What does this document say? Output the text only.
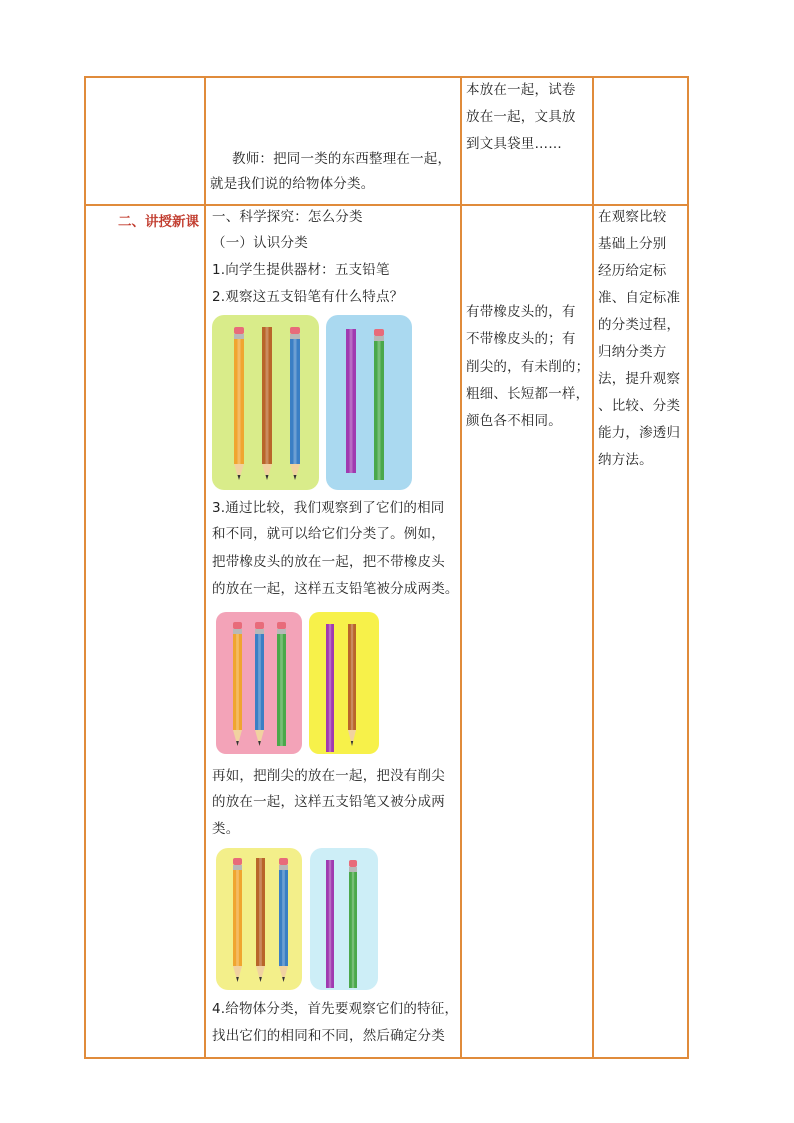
教师：把同一类的东西整理在一起，
就是我们说的给物体分类。
本放在一起，试卷
放在一起，文具放
到文具袋里……
二、讲授新课 一、科学探究：怎么分类
（一）认识分类
1.向学生提供器材：五支铅笔
2.观察这五支铅笔有什么特点？
3.通过比较，我们观察到了它们的相同
和不同，就可以给它们分类了。例如，
把带橡皮头的放在一起，把不带橡皮头
的放在一起，这样五支铅笔被分成两类。
再如，把削尖的放在一起，把没有削尖
的放在一起，这样五支铅笔又被分成两
类。
4.给物体分类，首先要观察它们的特征，
找出它们的相同和不同，然后确定分类
有带橡皮头的，有
不带橡皮头的；有
削尖的，有未削的；
粗细、长短都一样，
颜色各不相同。
在观察比较
基础上分别
经历给定标
准、自定标准
的分类过程，
归纳分类方
法，提升观察
、比较、分类
能力，渗透归
纳方法。
